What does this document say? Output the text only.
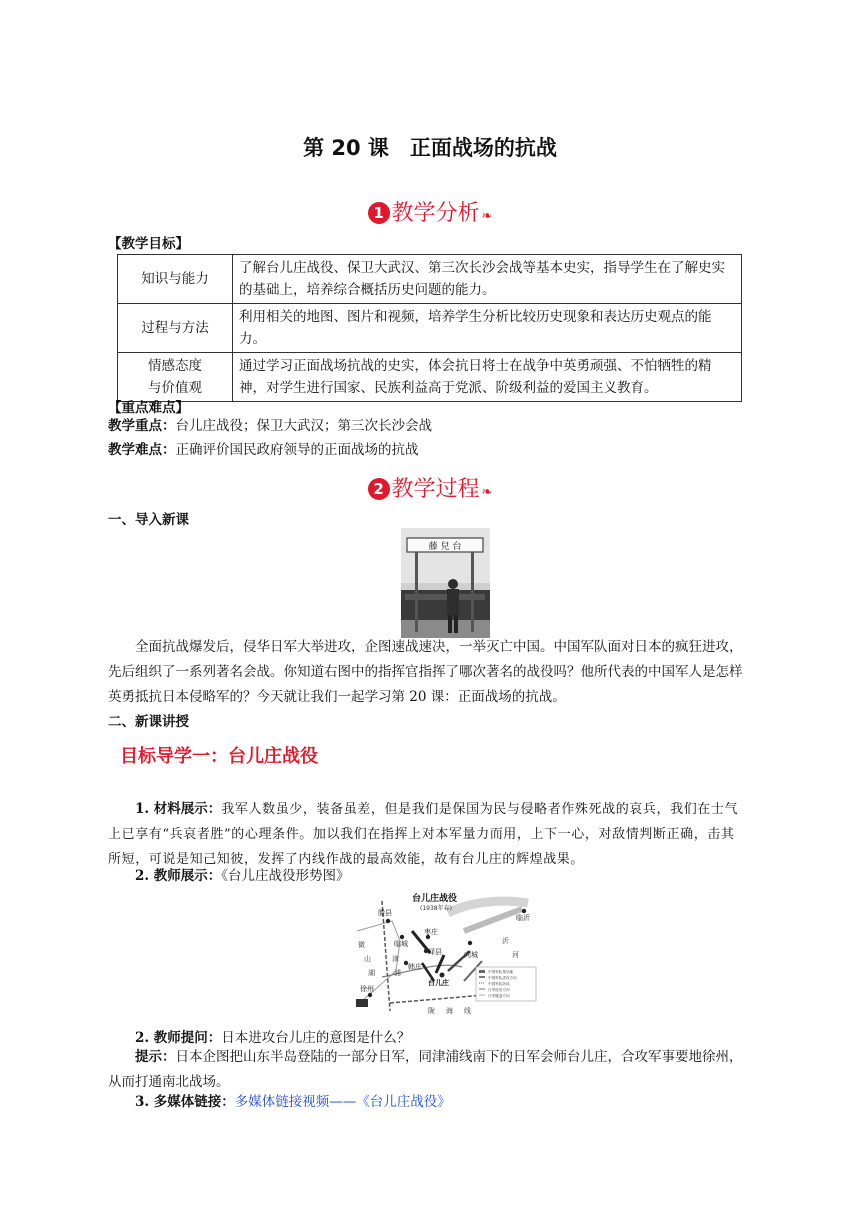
第 20 课　正面战场的抗战
1 教学分析 ❧
【教学目标】
知识与能力	了解台儿庄战役、保卫大武汉、第三次长沙会战等基本史实，指导学生在了解史实的基础上，培养综合概括历史问题的能力。
过程与方法	利用相关的地图、图片和视频，培养学生分析比较历史现象和表达历史观点的能力。

情感态度
与价值观	通过学习正面战场抗战的史实，体会抗日将士在战争中英勇顽强、不怕牺牲的精神，对学生进行国家、民族利益高于党派、阶级利益的爱国主义教育。
【重点难点】
教学重点：台儿庄战役；保卫大武汉；第三次长沙会战
教学难点：正确评价国民政府领导的正面战场的抗战
2 教学过程 ❧
一、导入新课
藤 兒 台
全面抗战爆发后，侵华日军大举进攻，企图速战速决，一举灭亡中国。中国军队面对日本的疯狂进攻，先后组织了一系列著名会战。你知道右图中的指挥官指挥了哪次著名的战役吗？他所代表的中国军人是怎样英勇抵抗日本侵略军的？今天就让我们一起学习第 20 课：正面战场的抗战。
二、新课讲授
目标导学一：台儿庄战役
1. 材料展示：我军人数虽少，装备虽差，但是我们是保国为民与侵略者作殊死战的哀兵，我们在士气上已享有“兵哀者胜”的心理条件。加以我们在指挥上对本军量力而用，上下一心，对敌情判断正确，击其所短，可说是知己知彼，发挥了内线作战的最高效能，故有台儿庄的辉煌战果。
2. 教师展示：《台儿庄战役形势图》
台儿庄战役
(1938年春)
滕县
临沂
枣庄
临城
峄县	向城
韩庄
台儿庄
徐州
微
山
湖
沂
河
津
浦
陇 海 线
中国军队集结地
中国军队进攻方向
中国军队防线
日军进攻方向
日军撤退方向
2. 教师提问：日本进攻台儿庄的意图是什么？
提示：日本企图把山东半岛登陆的一部分日军，同津浦线南下的日军会师台儿庄，合攻军事要地徐州，从而打通南北战场。
3. 多媒体链接：多媒体链接视频——《台儿庄战役》
